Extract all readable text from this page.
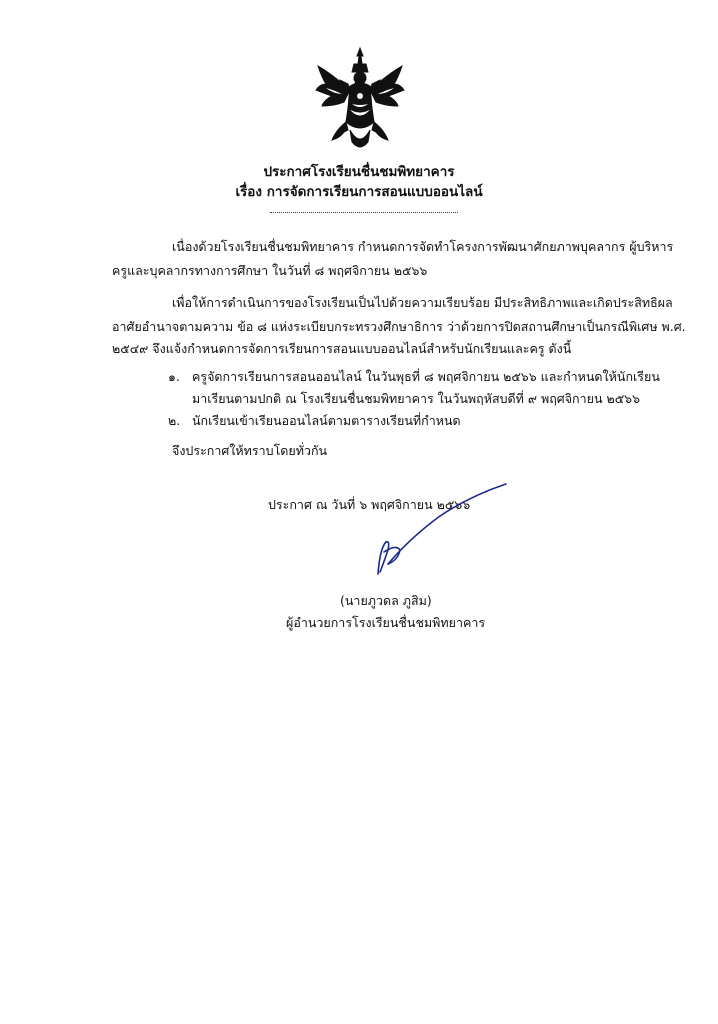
ประกาศโรงเรียนชื่นชมพิทยาคาร
เรื่อง การจัดการเรียนการสอนแบบออนไลน์
เนื่องด้วยโรงเรียนชื่นชมพิทยาคาร กำหนดการจัดทำโครงการพัฒนาศักยภาพบุคลากร ผู้บริหาร
ครูและบุคลากรทางการศึกษา ในวันที่ ๘ พฤศจิกายน ๒๕๖๖
เพื่อให้การดำเนินการของโรงเรียนเป็นไปด้วยความเรียบร้อย มีประสิทธิภาพและเกิดประสิทธิผล
อาศัยอำนาจตามความ ข้อ ๘ แห่งระเบียบกระทรวงศึกษาธิการ ว่าด้วยการปิดสถานศึกษาเป็นกรณีพิเศษ พ.ศ.
๒๕๔๙ จึงแจ้งกำหนดการจัดการเรียนการสอนแบบออนไลน์สำหรับนักเรียนและครู ดังนี้
๑. ครูจัดการเรียนการสอนออนไลน์ ในวันพุธที่ ๘ พฤศจิกายน ๒๕๖๖ และกำหนดให้นักเรียน
มาเรียนตามปกติ ณ โรงเรียนชื่นชมพิทยาคาร ในวันพฤหัสบดีที่ ๙ พฤศจิกายน ๒๕๖๖
๒. นักเรียนเข้าเรียนออนไลน์ตามตารางเรียนที่กำหนด
จึงประกาศให้ทราบโดยทั่วกัน
ประกาศ ณ วันที่ ๖ พฤศจิกายน ๒๕๖๖
(นายภูวดล ภูสิม)
ผู้อำนวยการโรงเรียนชื่นชมพิทยาคาร
